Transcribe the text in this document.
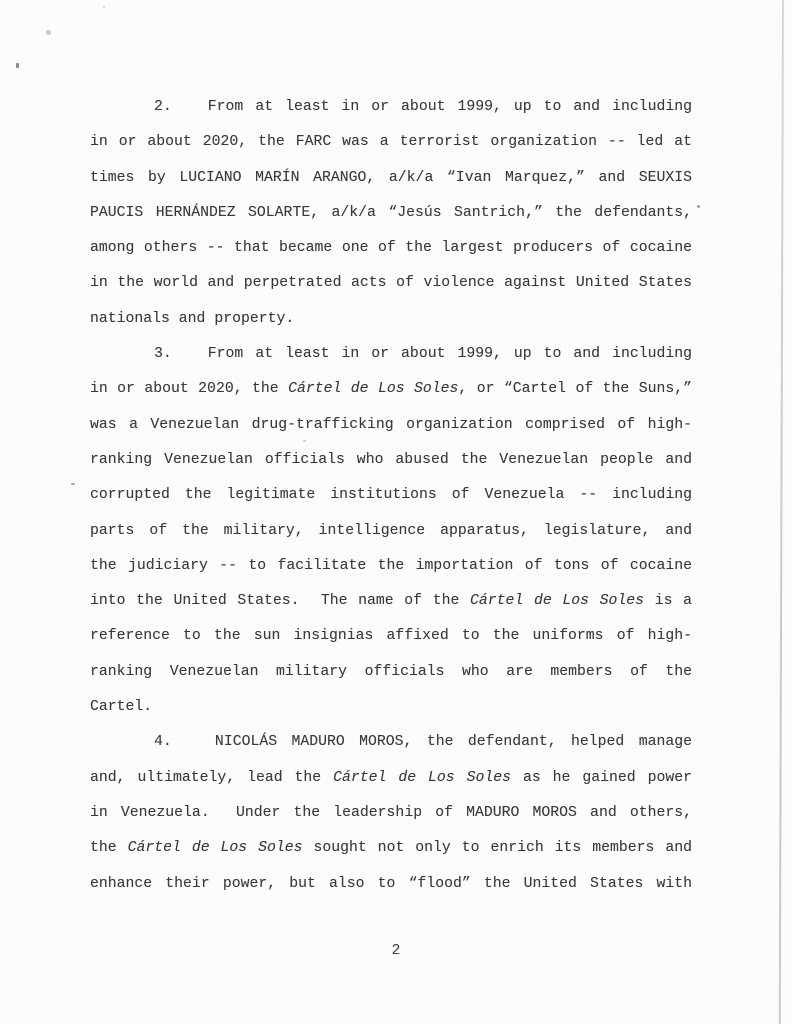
2.   From at least in or about 1999, up to and including
in or about 2020, the FARC was a terrorist organization -- led at
times by LUCIANO MARÍN ARANGO, a/k/a “Ivan Marquez,” and SEUXIS
PAUCIS HERNÁNDEZ SOLARTE, a/k/a “Jesús Santrich,” the defendants,
among others -- that became one of the largest producers of cocaine
in the world and perpetrated acts of violence against United States
nationals and property.
3.   From at least in or about 1999, up to and including
in or about 2020, the Cártel de Los Soles, or “Cartel of the Suns,”
was a Venezuelan drug-trafficking organization comprised of high-
ranking Venezuelan officials who abused the Venezuelan people and
corrupted the legitimate institutions of Venezuela -- including
parts of the military, intelligence apparatus, legislature, and
the judiciary -- to facilitate the importation of tons of cocaine
into the United States.  The name of the Cártel de Los Soles is a
reference to the sun insignias affixed to the uniforms of high-
ranking Venezuelan military officials who are members of the
Cartel.
4.   NICOLÁS MADURO MOROS, the defendant, helped manage
and, ultimately, lead the Cártel de Los Soles as he gained power
in Venezuela.  Under the leadership of MADURO MOROS and others,
the Cártel de Los Soles sought not only to enrich its members and
enhance their power, but also to “flood” the United States with
2
